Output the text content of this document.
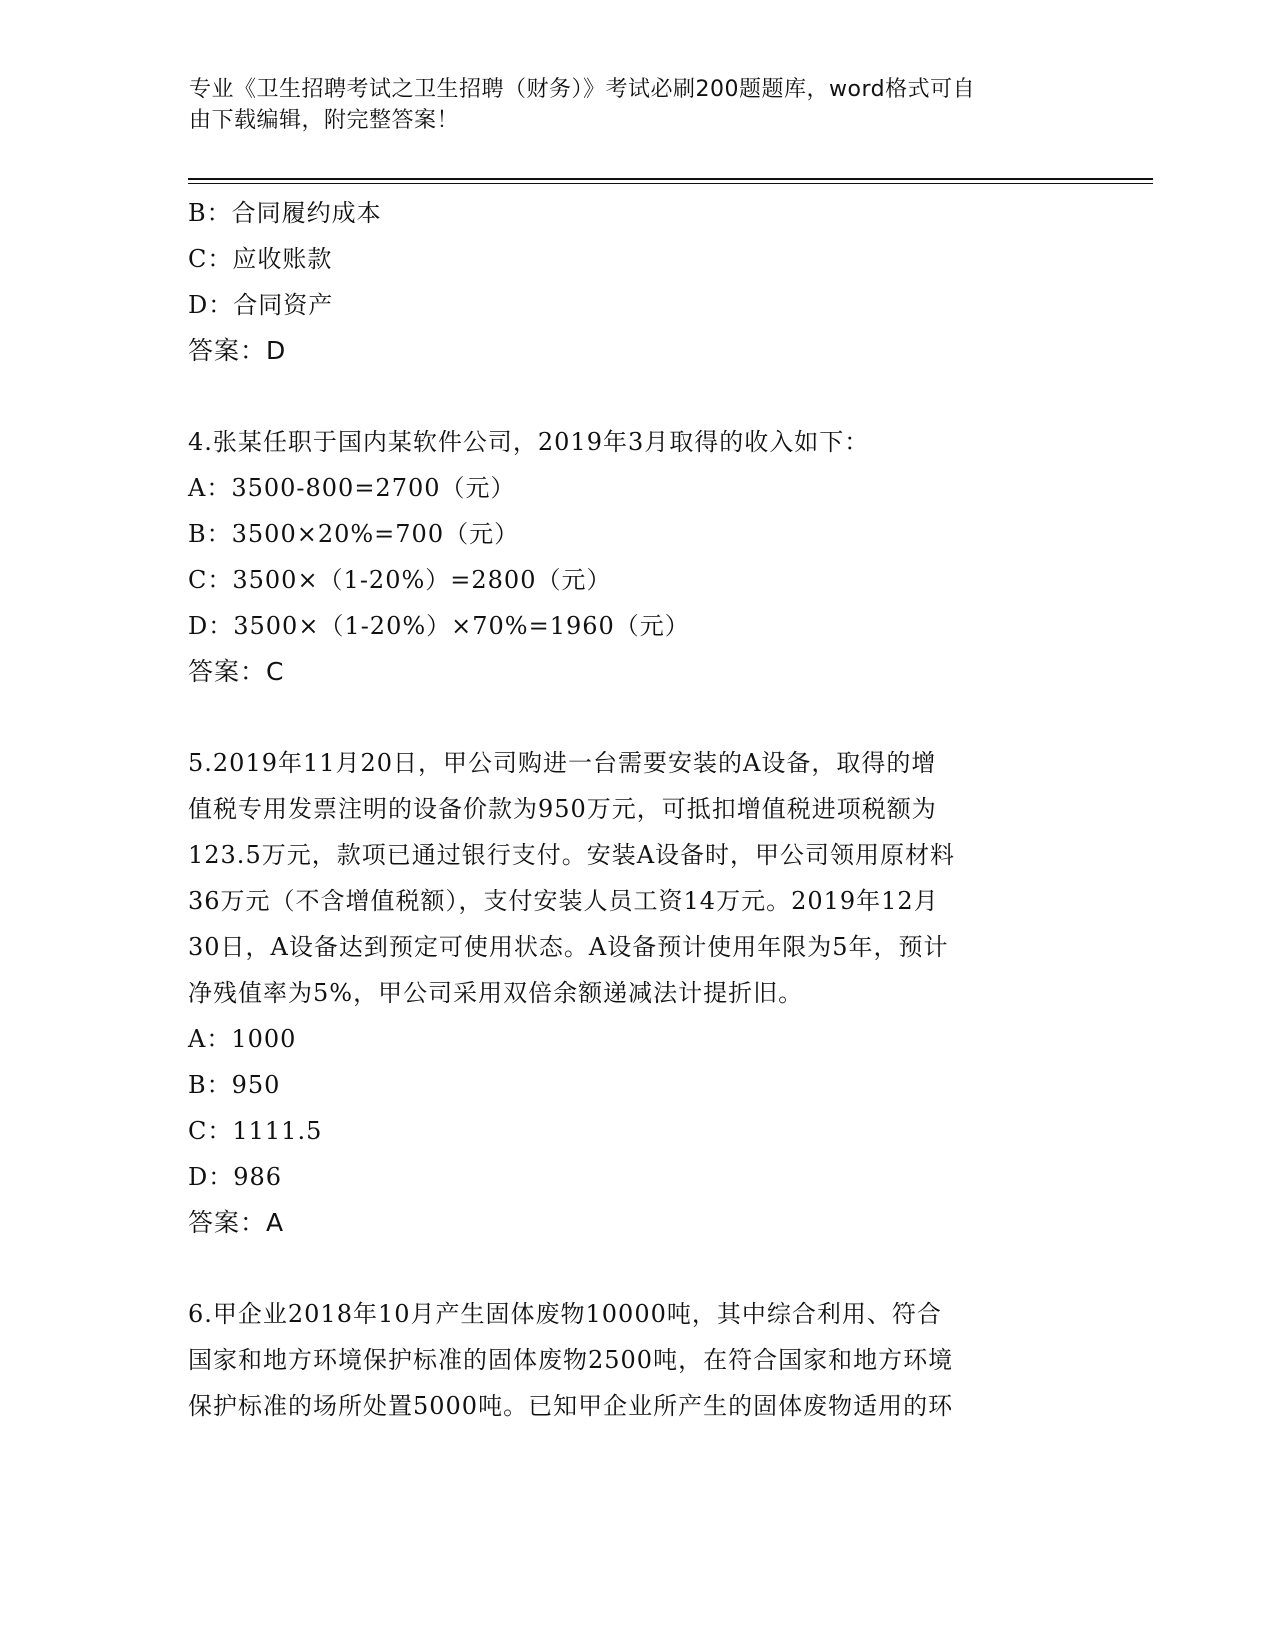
专业《卫生招聘考试之卫生招聘（财务）》考试必刷200题题库，word格式可自
由下载编辑，附完整答案！
B：合同履约成本
C：应收账款
D：合同资产
答案：D
4.张某任职于国内某软件公司，2019年3月取得的收入如下：
A：3500-800=2700（元）
B：3500×20%=700（元）
C：3500×（1-20%）=2800（元）
D：3500×（1-20%）×70%=1960（元）
答案：C
5.2019年11月20日，甲公司购进一台需要安装的A设备，取得的增
值税专用发票注明的设备价款为950万元，可抵扣增值税进项税额为
123.5万元，款项已通过银行支付。安装A设备时，甲公司领用原材料
36万元（不含增值税额），支付安装人员工资14万元。2019年12月
30日，A设备达到预定可使用状态。A设备预计使用年限为5年，预计
净残值率为5%，甲公司采用双倍余额递减法计提折旧。
A：1000
B：950
C：1111.5
D：986
答案：A
6.甲企业2018年10月产生固体废物10000吨，其中综合利用、符合
国家和地方环境保护标准的固体废物2500吨，在符合国家和地方环境
保护标准的场所处置5000吨。已知甲企业所产生的固体废物适用的环
